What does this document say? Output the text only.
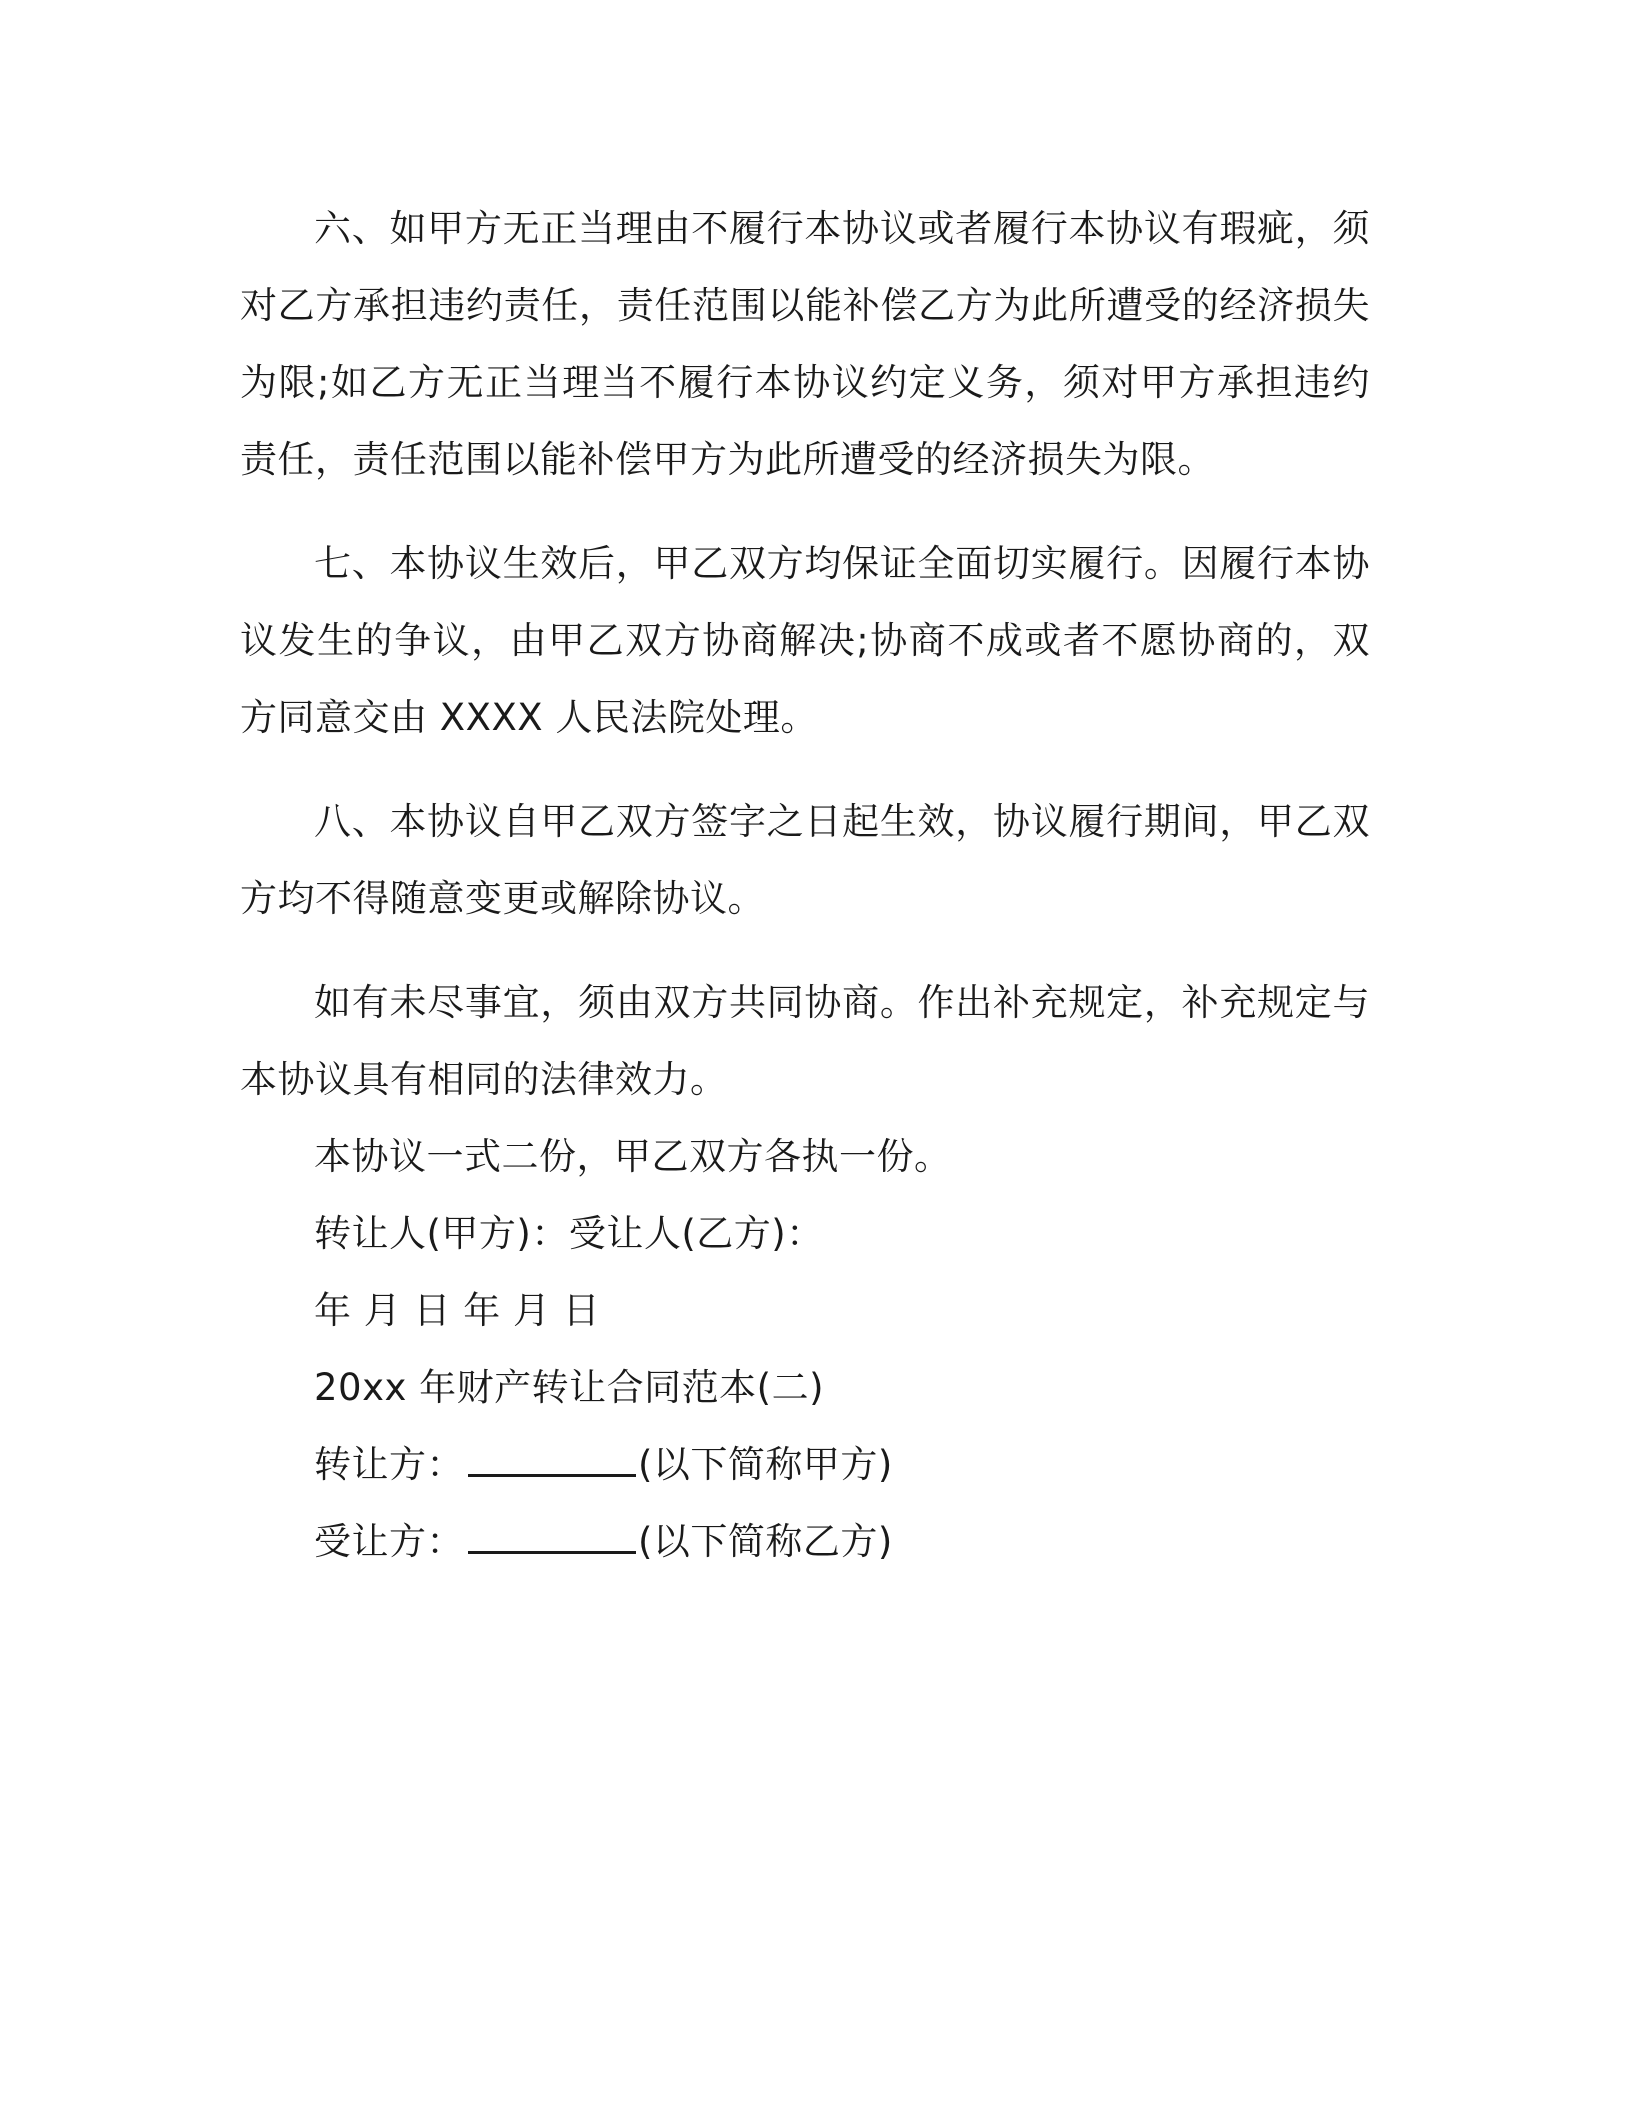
六、如甲方无正当理由不履行本协议或者履行本协议有瑕疵，须对乙方承担违约责任，责任范围以能补偿乙方为此所遭受的经济损失为限;如乙方无正当理当不履行本协议约定义务，须对甲方承担违约责任，责任范围以能补偿甲方为此所遭受的经济损失为限。

七、本协议生效后，甲乙双方均保证全面切实履行。因履行本协议发生的争议，由甲乙双方协商解决;协商不成或者不愿协商的，双方同意交由 XXXX 人民法院处理。

八、本协议自甲乙双方签字之日起生效，协议履行期间，甲乙双方均不得随意变更或解除协议。

如有未尽事宜，须由双方共同协商。作出补充规定，补充规定与本协议具有相同的法律效力。

本协议一式二份，甲乙双方各执一份。

转让人(甲方)：受让人(乙方)：

年 月 日 年 月 日

20xx 年财产转让合同范本(二)

转让方：	(以下简称甲方)

受让方：	(以下简称乙方)
